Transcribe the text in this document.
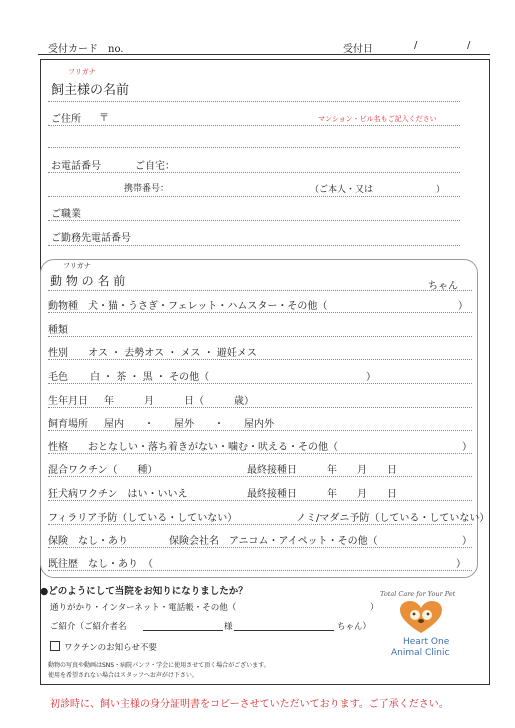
受付カード　no.	受付日	/	/
フリガナ
飼主様の名前
ご住所 〒	マンション・ビル名もご記入ください
お電話番号	ご自宅：
携帯番号：	（ご本人・又は　　　　　　　）
ご職業
ご勤務先電話番号
フリガナ
動 物 の 名 前	ちゃん
動物種 犬・猫・うさぎ・フェレット・ハムスター・その他（	）
種類
性別 オス ・ 去勢オス ・ メス ・ 避妊メス
毛色 白 ・ 茶 ・ 黒 ・ その他（	）
生年月日 年　　　月　　　日（　　　歳）
飼育場所 屋内　　・　　屋外　　・　　屋内外
性格 おとなしい・落ち着きがない・噛む・吠える・その他（	）
混合ワクチン（　　種）	最終接種日　　　年　　月　　日
狂犬病ワクチン　はい・いいえ	最終接種日　　　年　　月　　日
フィラリア予防（している・していない）	ノミ/マダニ予防（している・していない）
保険　なし・あり	保険会社名　アニコム・アイペット・その他（	）
既往歴　なし・あり　（	）
●どのようにして当院をお知りになりましたか？
通りがかり・インターネット・電話帳・その他（	）
ご紹介（ご紹介者名	様	ちゃん）
ワクチンのお知らせ不要
動物の写真や動画はSNS・病院パンフ・学会に使用させて頂く場合がございます。
使用を希望されない場合はスタッフへお声がけ下さい。
Total Care for Your Pet
Heart One
Animal Clinic
初診時に、飼い主様の身分証明書をコピーさせていただいております。ご了承ください。
